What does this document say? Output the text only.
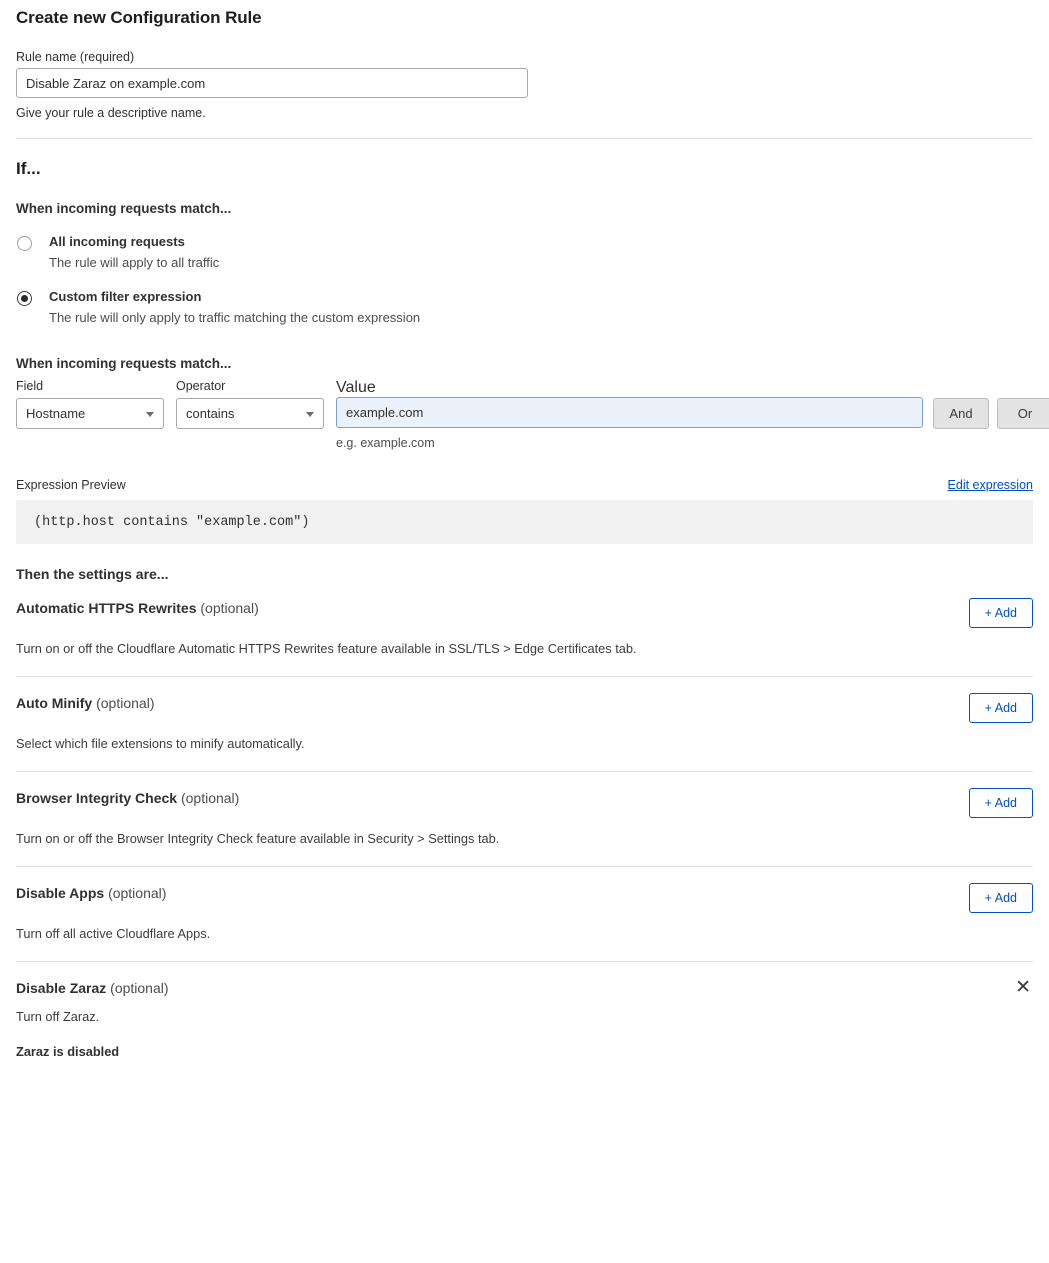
Create new Configuration Rule
Rule name (required)
Disable Zaraz on example.com
Give your rule a descriptive name.
If...
When incoming requests match...
All incoming requests
The rule will apply to all traffic
Custom filter expression
The rule will only apply to traffic matching the custom expression
When incoming requests match...
Field
Hostname
Operator
contains
Value
example.com
e.g. example.com
And	Or
Expression Preview	Edit expression
(http.host contains "example.com")
Then the settings are...
Automatic HTTPS Rewrites (optional)	+ Add
Turn on or off the Cloudflare Automatic HTTPS Rewrites feature available in SSL/TLS > Edge Certificates tab.
Auto Minify (optional)	+ Add
Select which file extensions to minify automatically.
Browser Integrity Check (optional)	+ Add
Turn on or off the Browser Integrity Check feature available in Security > Settings tab.
Disable Apps (optional)	+ Add
Turn off all active Cloudflare Apps.
Disable Zaraz (optional)	✕
Turn off Zaraz.
Zaraz is disabled
